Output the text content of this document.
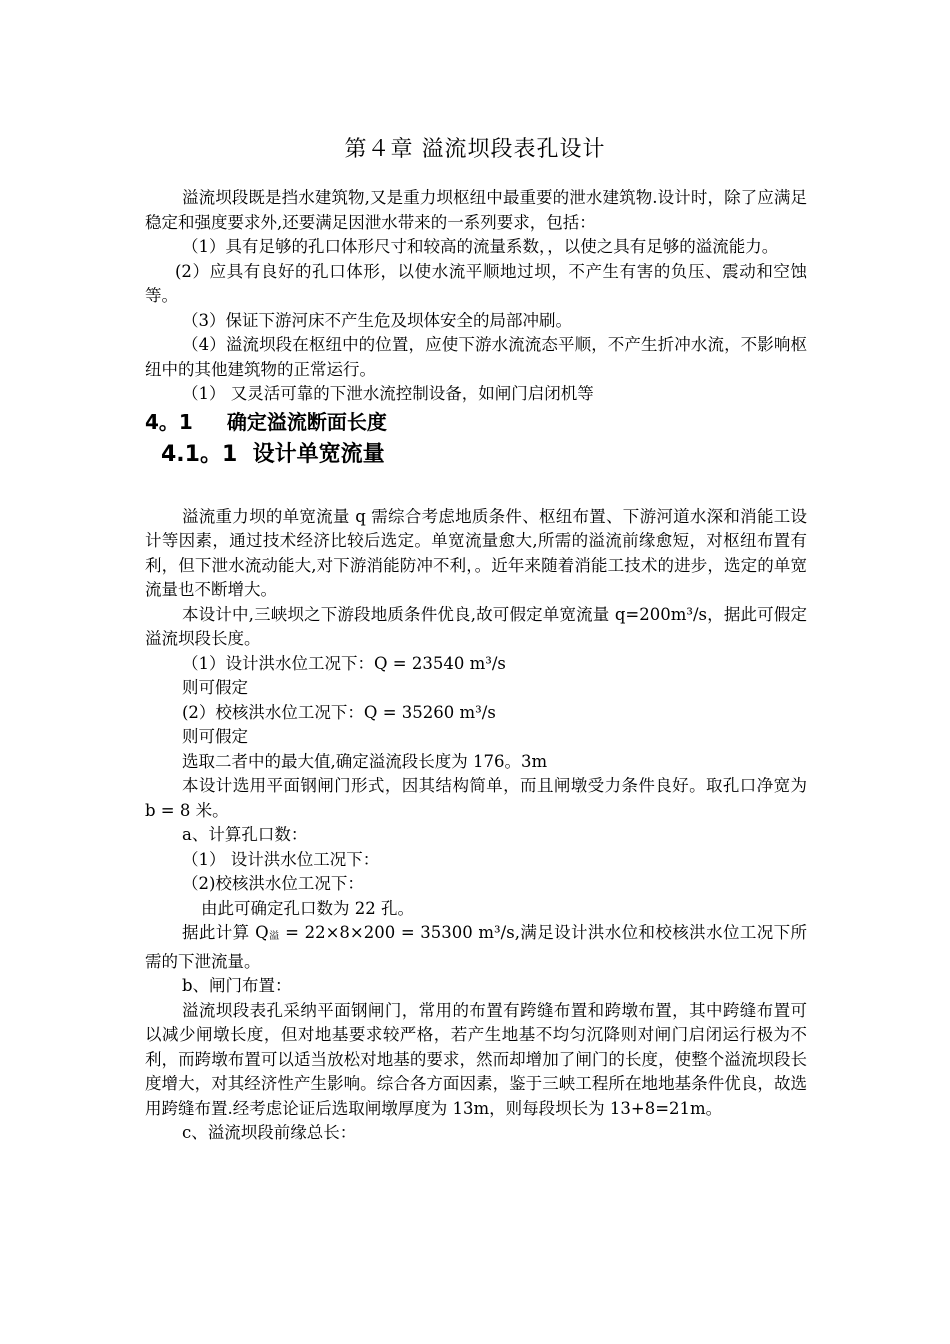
第４章 溢流坝段表孔设计

溢流坝段既是挡水建筑物,又是重力坝枢纽中最重要的泄水建筑物.设计时，除了应满足稳定和强度要求外,还要满足因泄水带来的一系列要求，包括：

（1）具有足够的孔口体形尺寸和较高的流量系数，，以使之具有足够的溢流能力。

(2）应具有良好的孔口体形，以使水流平顺地过坝，不产生有害的负压、震动和空蚀等。

（3）保证下游河床不产生危及坝体安全的局部冲刷。

（4）溢流坝段在枢纽中的位置，应使下游水流流态平顺，不产生折冲水流，不影响枢纽中的其他建筑物的正常运行。

（1） 又灵活可靠的下泄水流控制设备，如闸门启闭机等

4。1 确定溢流断面长度
4.1。1 设计单宽流量

溢流重力坝的单宽流量 q 需综合考虑地质条件、枢纽布置、下游河道水深和消能工设计等因素，通过技术经济比较后选定。单宽流量愈大,所需的溢流前缘愈短，对枢纽布置有利，但下泄水流动能大,对下游消能防冲不利，。近年来随着消能工技术的进步，选定的单宽流量也不断增大。

本设计中,三峡坝之下游段地质条件优良,故可假定单宽流量 q=200m³/s，据此可假定溢流坝段长度。

（1）设计洪水位工况下：Q = 23540 m³/s

则可假定

(2）校核洪水位工况下：Q = 35260 m³/s

则可假定

选取二者中的最大值,确定溢流段长度为 176。3m

本设计选用平面钢闸门形式，因其结构简单，而且闸墩受力条件良好。取孔口净宽为 b = 8 米。

a、计算孔口数：

（1） 设计洪水位工况下：

（2)校核洪水位工况下：

由此可确定孔口数为 22 孔。

据此计算 Q溢 = 22×8×200 = 35300 m³/s,满足设计洪水位和校核洪水位工况下所需的下泄流量。

b、闸门布置：

溢流坝段表孔采纳平面钢闸门，常用的布置有跨缝布置和跨墩布置，其中跨缝布置可以减少闸墩长度，但对地基要求较严格，若产生地基不均匀沉降则对闸门启闭运行极为不利，而跨墩布置可以适当放松对地基的要求，然而却增加了闸门的长度，使整个溢流坝段长度增大，对其经济性产生影响。综合各方面因素，鉴于三峡工程所在地地基条件优良，故选用跨缝布置.经考虑论证后选取闸墩厚度为 13m，则每段坝长为 13+8=21m。

c、溢流坝段前缘总长：
